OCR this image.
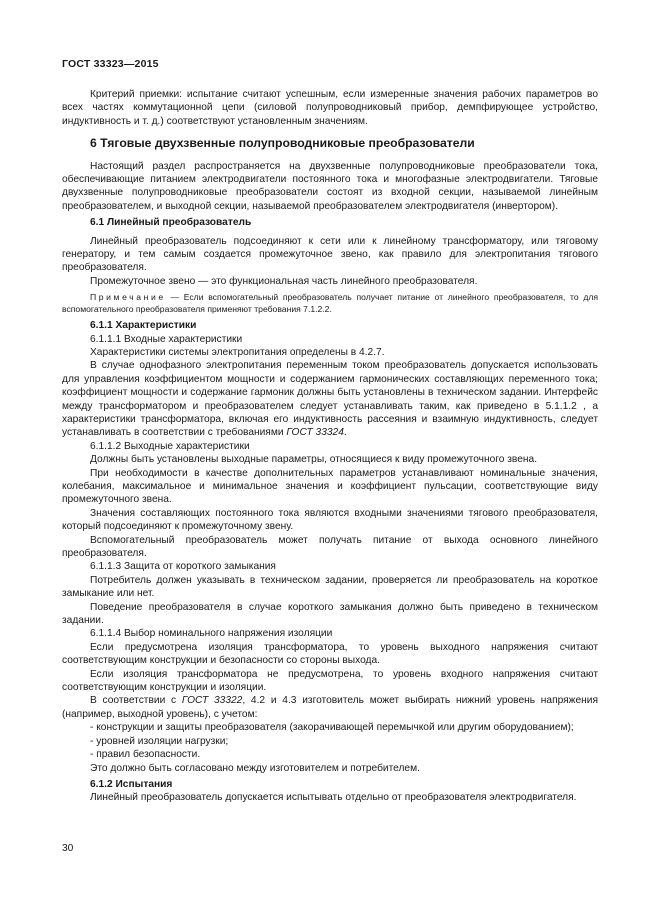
ГОСТ 33323—2015

Критерий приемки: испытание считают успешным, если измеренные значения рабочих параметров во всех частях коммутационной цепи (силовой полупроводниковый прибор, демпфирующее устройство, индуктивность и т. д.) соответствуют установленным значениям.

6 Тяговые двухзвенные полупроводниковые преобразователи

Настоящий раздел распространяется на двухзвенные полупроводниковые преобразователи тока, обеспечивающие питанием электродвигатели постоянного тока и многофазные электродвигатели. Тяговые двухзвенные полупроводниковые преобразователи состоят из входной секции, называемой линейным преобразователем, и выходной секции, называемой преобразователем электродвигателя (инвертором).

6.1 Линейный преобразователь

Линейный преобразователь подсоединяют к сети или к линейному трансформатору, или тяговому генератору, и тем самым создается промежуточное звено, как правило для электропитания тягового преобразователя.

Промежуточное звено — это функциональная часть линейного преобразователя.

Примечание — Если вспомогательный преобразователь получает питание от линейного преобразователя, то для вспомогательного преобразователя применяют требования 7.1.2.2.
6.1.1 Характеристики
6.1.1.1 Входные характеристики

Характеристики системы электропитания определены в 4.2.7.

В случае однофазного электропитания переменным током преобразователь допускается использовать для управления коэффициентом мощности и содержанием гармонических составляющих переменного тока; коэффициент мощности и содержание гармоник должны быть установлены в техническом задании. Интерфейс между трансформатором и преобразователем следует устанавливать таким, как приведено в 5.1.1.2 , а характеристики трансформатора, включая его индуктивность рассеяния и взаимную индуктивность, следует устанавливать в соответствии с требованиями ГОСТ 33324.

6.1.1.2 Выходные характеристики

Должны быть установлены выходные параметры, относящиеся к виду промежуточного звена.

При необходимости в качестве дополнительных параметров устанавливают номинальные значения, колебания, максимальное и минимальное значения и коэффициент пульсации, соответствующие виду промежуточного звена.

Значения составляющих постоянного тока являются входными значениями тягового преобразователя, который подсоединяют к промежуточному звену.

Вспомогательный преобразователь может получать питание от выхода основного линейного преобразователя.

6.1.1.3 Защита от короткого замыкания

Потребитель должен указывать в техническом задании, проверяется ли преобразователь на короткое замыкание или нет.

Поведение преобразователя в случае короткого замыкания должно быть приведено в техническом задании.

6.1.1.4 Выбор номинального напряжения изоляции

Если предусмотрена изоляция трансформатора, то уровень выходного напряжения считают соответствующим конструкции и безопасности со стороны выхода.

Если изоляция трансформатора не предусмотрена, то уровень входного напряжения считают соответствующим конструкции и изоляции.

В соответствии с ГОСТ 33322, 4.2 и 4.3 изготовитель может выбирать нижний уровень напряжения (например, выходной уровень), с учетом:

- конструкции и защиты преобразователя (закорачивающей перемычкой или другим оборудованием);
- уровней изоляции нагрузки;
- правил безопасности.

Это должно быть согласовано между изготовителем и потребителем.

6.1.2 Испытания

Линейный преобразователь допускается испытывать отдельно от преобразователя электродвигателя.

30
